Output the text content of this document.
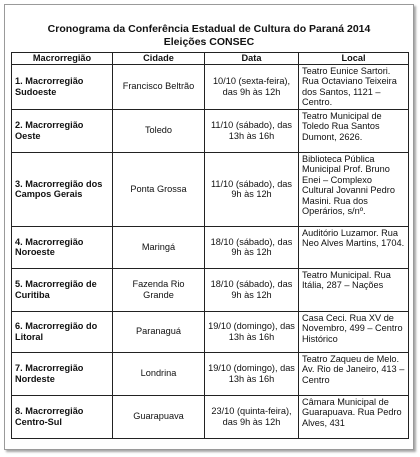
Cronograma da Conferência Estadual de Cultura do Paraná 2014
Eleições CONSEC
Macrorregião	Cidade	Data	Local
1. Macrorregião Sudoeste	Francisco Beltrão	10/10 (sexta-feira), das 9h às 12h	Teatro Eunice Sartori. Rua Octaviano Teixeira dos Santos, 1121 – Centro.
2. Macrorregião Oeste	Toledo	11/10 (sábado), das 13h às 16h	Teatro Municipal de Toledo Rua Santos Dumont, 2626.
3. Macrorregião dos Campos Gerais	Ponta Grossa	11/10 (sábado), das 9h às 12h	Biblioteca Pública Municipal Prof. Bruno Enei – Complexo Cultural Jovanni Pedro Masini. Rua dos Operários, s/nº.
4. Macrorregião Noroeste	Maringá	18/10 (sábado), das 9h às 12h	Auditório Luzamor. Rua Neo Alves Martins, 1704.
5. Macrorregião de Curitiba	Fazenda Rio Grande	18/10 (sábado), das 9h às 12h	Teatro Municipal. Rua Itália, 287 – Nações
6. Macrorregião do Litoral	Paranaguá	19/10 (domingo), das 13h às 16h	Casa Ceci. Rua XV de Novembro, 499 – Centro Histórico
7. Macrorregião Nordeste	Londrina	19/10 (domingo), das 13h às 16h	Teatro Zaqueu de Melo. Av. Rio de Janeiro, 413 – Centro
8. Macrorregião Centro-Sul	Guarapuava	23/10 (quinta-feira), das 9h às 12h	Câmara Municipal de Guarapuava. Rua Pedro Alves, 431
